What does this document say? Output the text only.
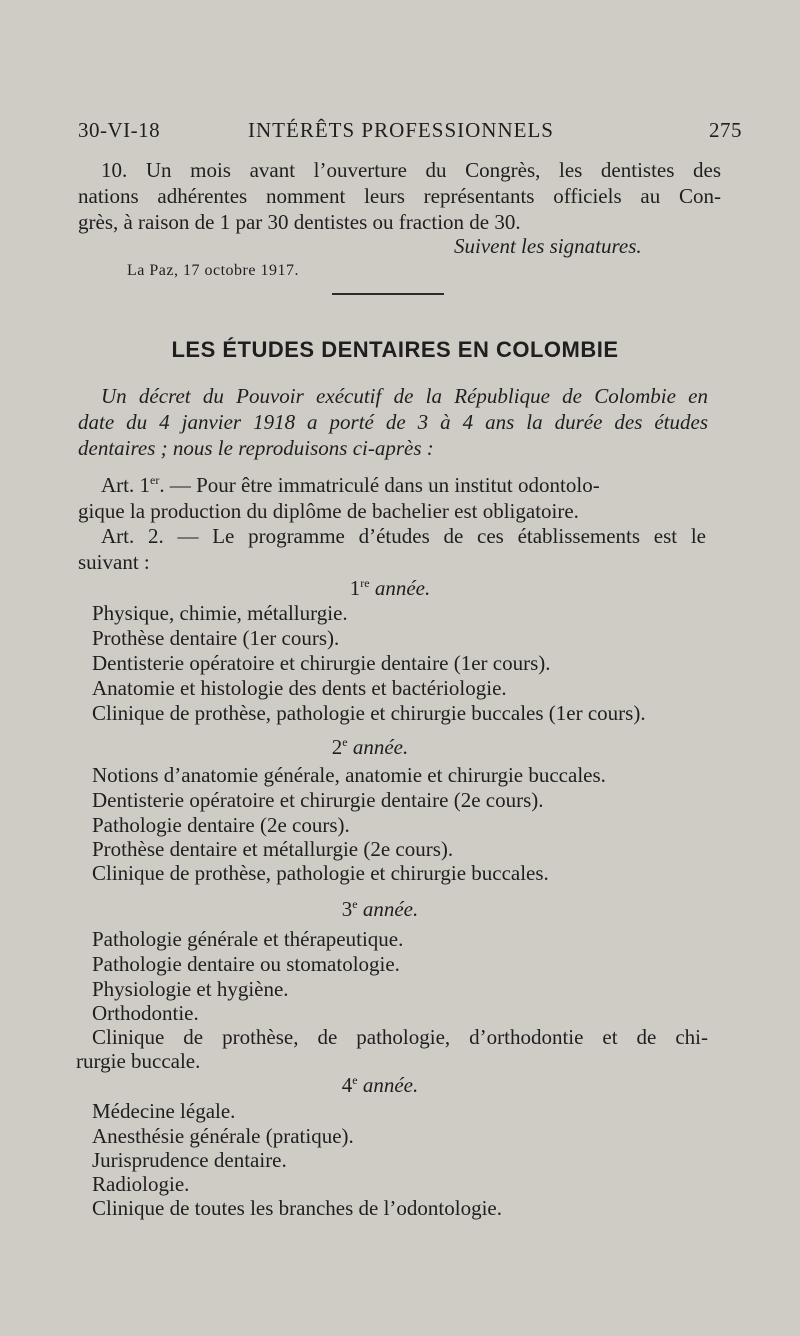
30-VI-18	INTÉRÊTS PROFESSIONNELS	275
10. Un mois avant l’ouverture du Congrès, les dentistes des
nations adhérentes nomment leurs représentants officiels au Con-
grès, à raison de 1 par 30 dentistes ou fraction de 30.
Suivent les signatures.
La Paz, 17 octobre 1917.
LES ÉTUDES DENTAIRES EN COLOMBIE
Un décret du Pouvoir exécutif de la République de Colombie en
date du 4 janvier 1918 a porté de 3 à 4 ans la durée des études
dentaires ; nous le reproduisons ci-après :
Art. 1er. — Pour être immatriculé dans un institut odontolo-
gique la production du diplôme de bachelier est obligatoire.
Art. 2. — Le programme d’études de ces établissements est le
suivant :
1re année.
Physique, chimie, métallurgie.
Prothèse dentaire (1er cours).
Dentisterie opératoire et chirurgie dentaire (1er cours).
Anatomie et histologie des dents et bactériologie.
Clinique de prothèse, pathologie et chirurgie buccales (1er cours).
2e année.
Notions d’anatomie générale, anatomie et chirurgie buccales.
Dentisterie opératoire et chirurgie dentaire (2e cours).
Pathologie dentaire (2e cours).
Prothèse dentaire et métallurgie (2e cours).
Clinique de prothèse, pathologie et chirurgie buccales.
3e année.
Pathologie générale et thérapeutique.
Pathologie dentaire ou stomatologie.
Physiologie et hygiène.
Orthodontie.
Clinique de prothèse, de pathologie, d’orthodontie et de chi-
rurgie buccale.
4e année.
Médecine légale.
Anesthésie générale (pratique).
Jurisprudence dentaire.
Radiologie.
Clinique de toutes les branches de l’odontologie.
